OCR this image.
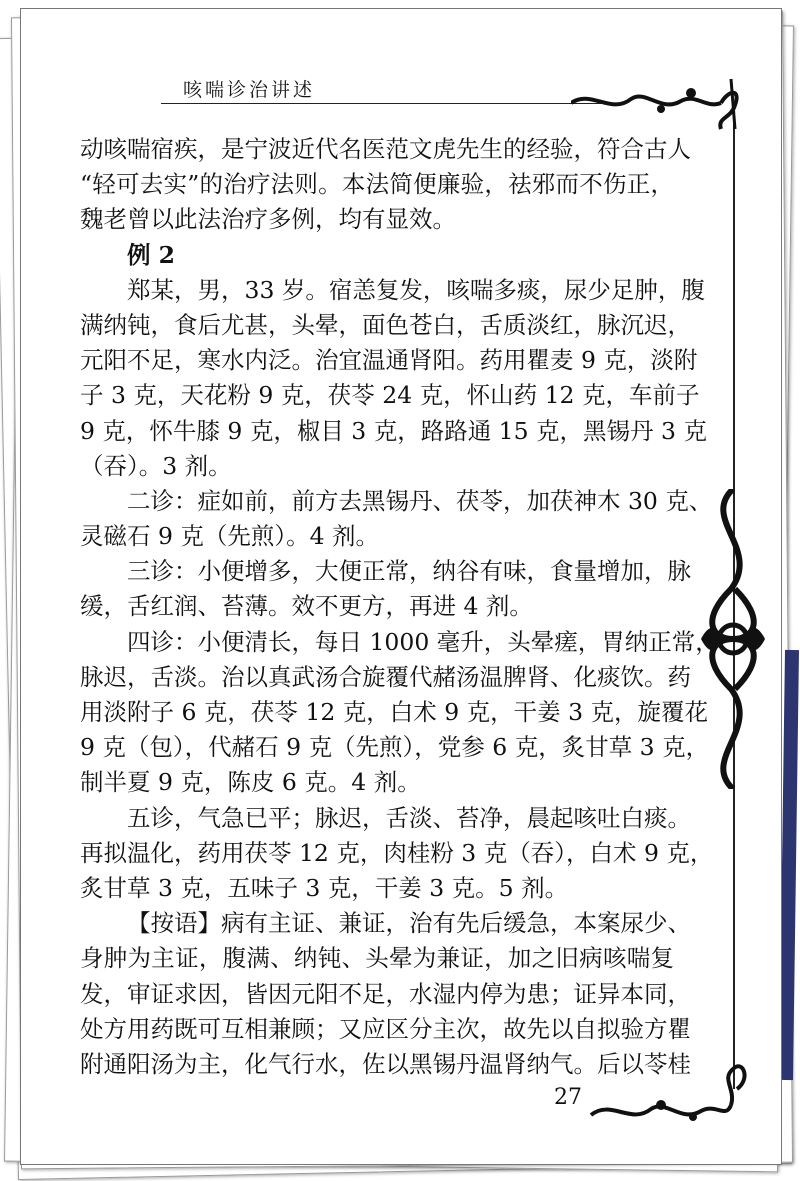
咳喘诊治讲述
27
动咳喘宿疾，是宁波近代名医范文虎先生的经验，符合古人
“轻可去实”的治疗法则。本法简便廉验，祛邪而不伤正，
魏老曾以此法治疗多例，均有显效。
例 2
郑某，男，33 岁。宿恙复发，咳喘多痰，尿少足肿，腹
满纳钝，食后尤甚，头晕，面色苍白，舌质淡红，脉沉迟，
元阳不足，寒水内泛。治宜温通肾阳。药用瞿麦 9 克，淡附
子 3 克，天花粉 9 克，茯苓 24 克，怀山药 12 克，车前子
9 克，怀牛膝 9 克，椒目 3 克，路路通 15 克，黑锡丹 3 克
（吞）。3 剂。
二诊：症如前，前方去黑锡丹、茯苓，加茯神木 30 克、
灵磁石 9 克（先煎）。4 剂。
三诊：小便增多，大便正常，纳谷有味，食量增加，脉
缓，舌红润、苔薄。效不更方，再进 4 剂。
四诊：小便清长，每日 1000 毫升，头晕瘥，胃纳正常，
脉迟，舌淡。治以真武汤合旋覆代赭汤温脾肾、化痰饮。药
用淡附子 6 克，茯苓 12 克，白术 9 克，干姜 3 克，旋覆花
9 克（包），代赭石 9 克（先煎），党参 6 克，炙甘草 3 克，
制半夏 9 克，陈皮 6 克。4 剂。
五诊，气急已平；脉迟，舌淡、苔净，晨起咳吐白痰。
再拟温化，药用茯苓 12 克，肉桂粉 3 克（吞），白术 9 克，
炙甘草 3 克，五味子 3 克，干姜 3 克。5 剂。
【按语】病有主证、兼证，治有先后缓急，本案尿少、
身肿为主证，腹满、纳钝、头晕为兼证，加之旧病咳喘复
发，审证求因，皆因元阳不足，水湿内停为患；证异本同，
处方用药既可互相兼顾；又应区分主次，故先以自拟验方瞿
附通阳汤为主，化气行水，佐以黑锡丹温肾纳气。后以苓桂
